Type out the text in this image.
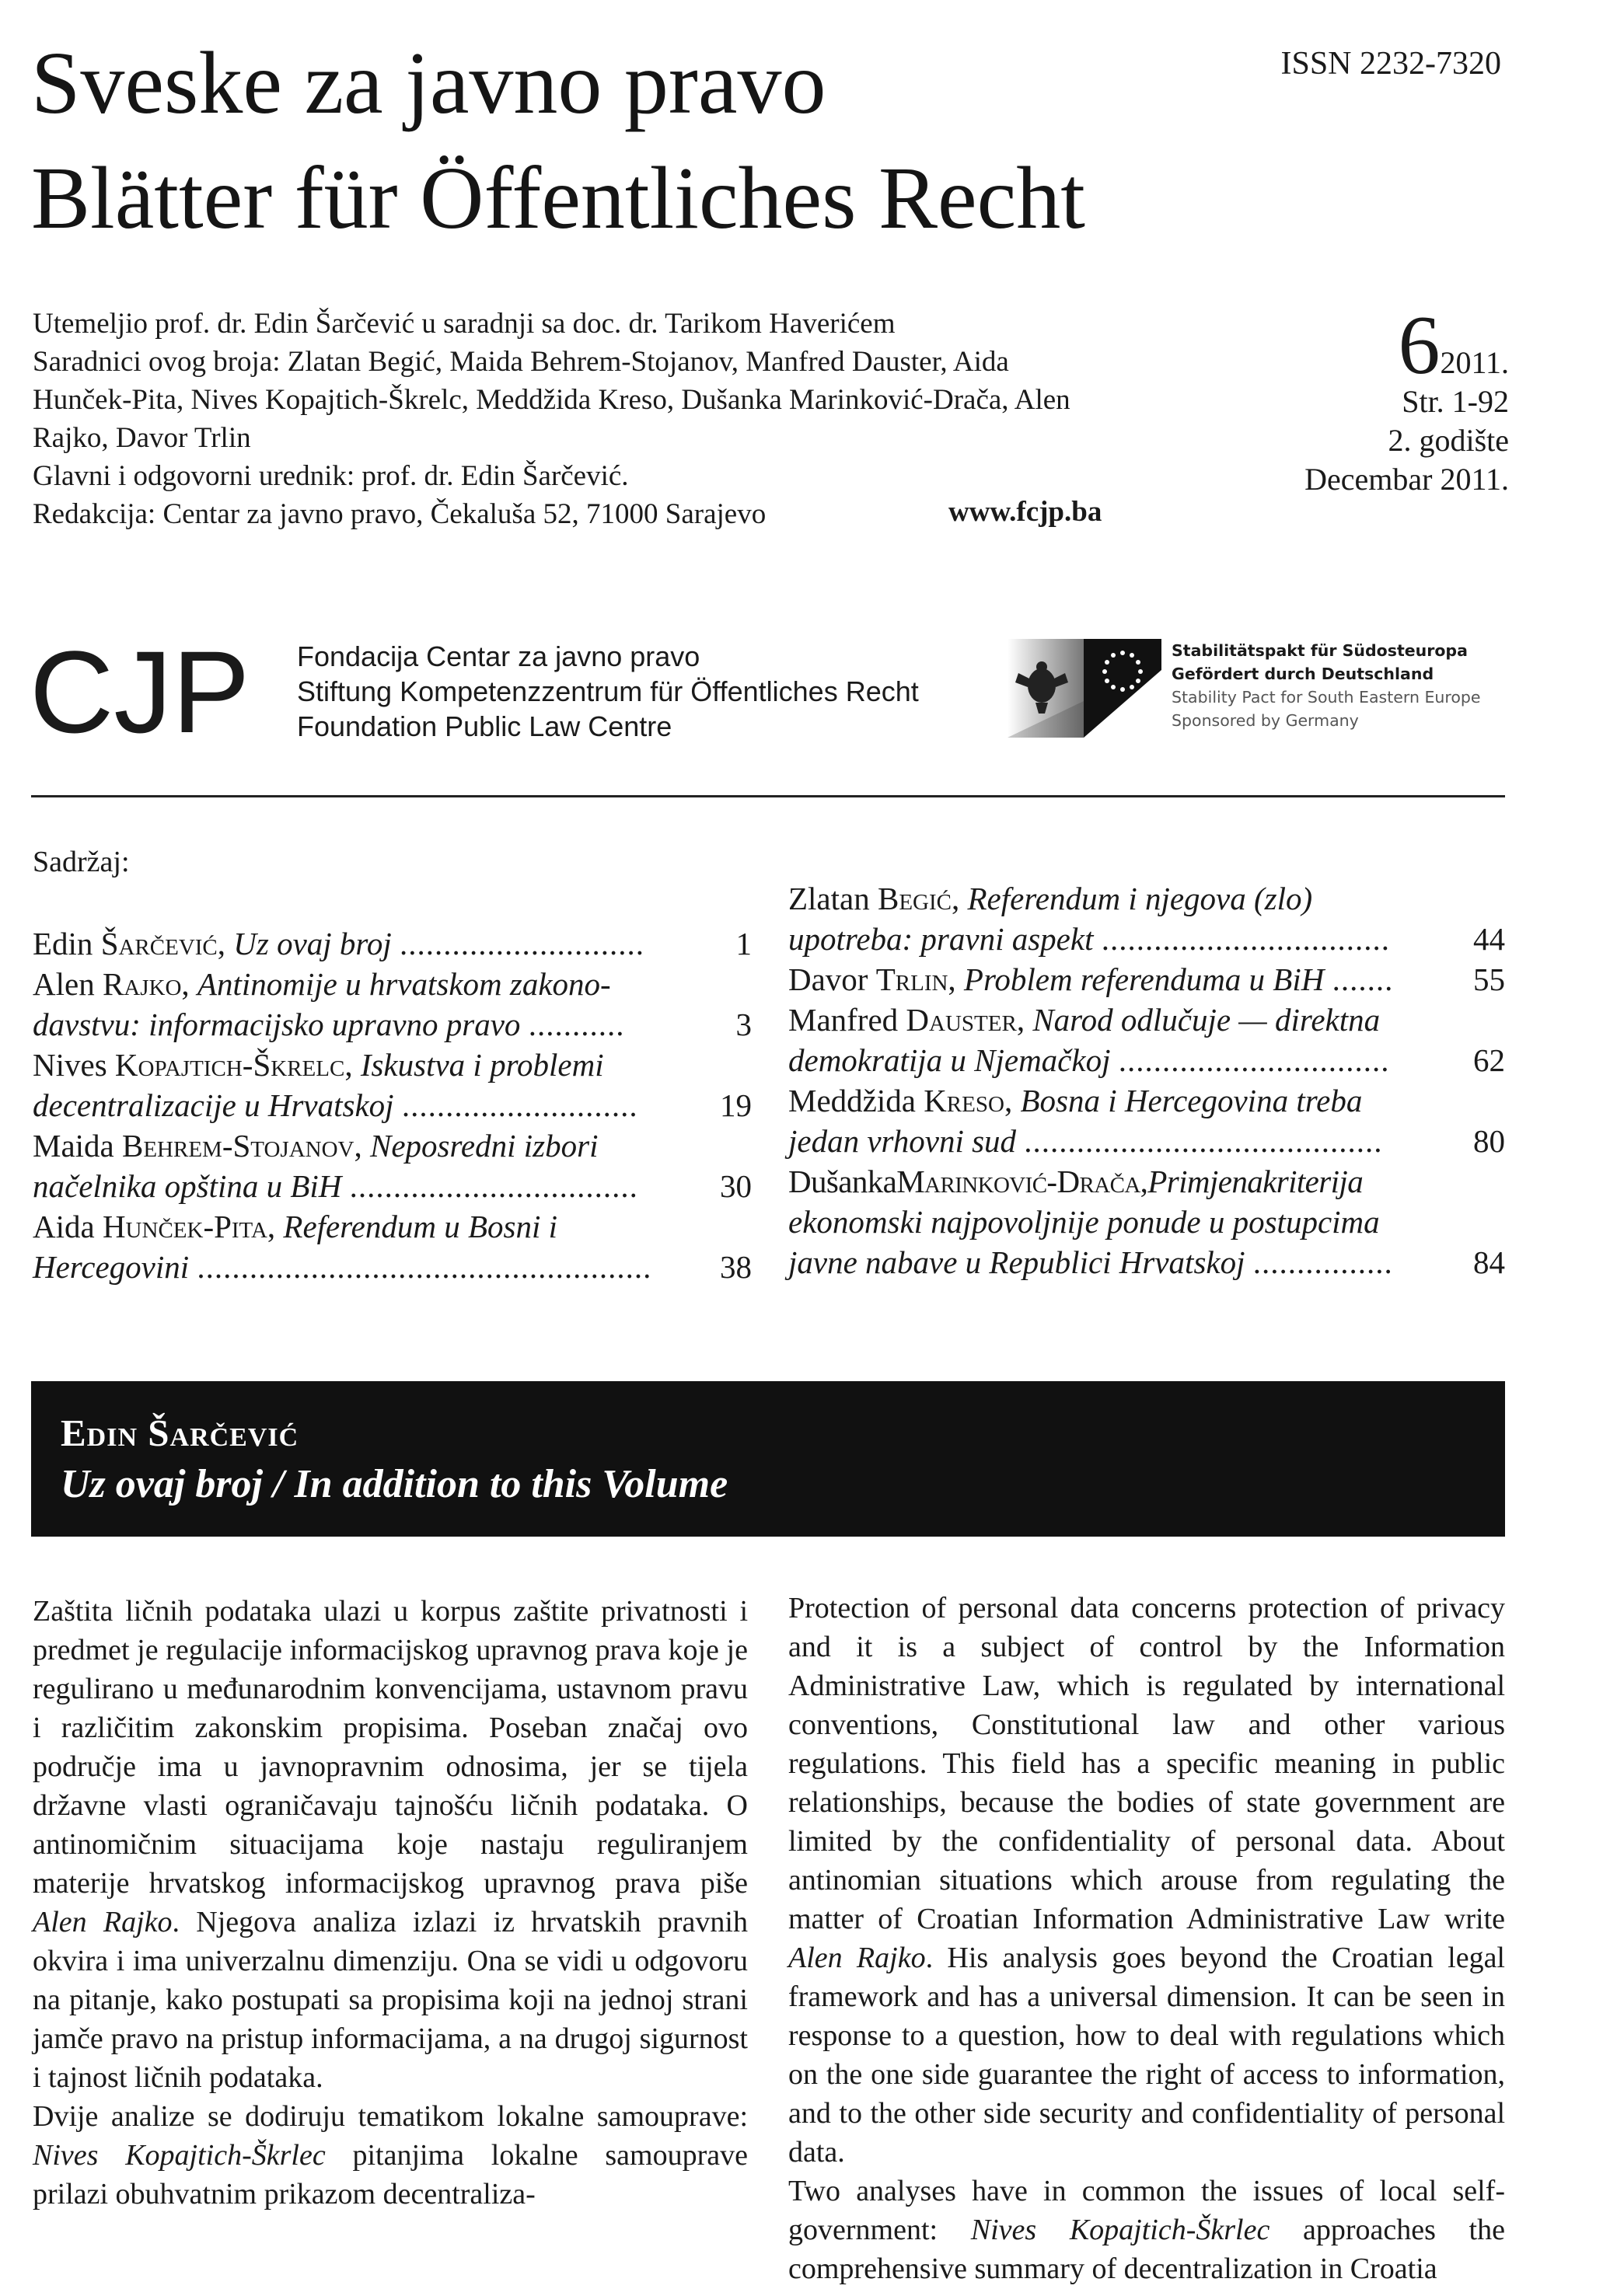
Sveske za javno pravo
Blätter für Öffentliches Recht
ISSN 2232-7320
Utemeljio prof. dr. Edin Šarčević u saradnji sa doc. dr. Tarikom Haverićem
Saradnici ovog broja: Zlatan Begić, Maida Behrem-Stojanov, Manfred Dauster, Aida
Hunček-Pita, Nives Kopajtich-Škrelc, Meddžida Kreso, Dušanka Marinković-Drača, Alen
Rajko, Davor Trlin
Glavni i odgovorni urednik: prof. dr. Edin Šarčević.
Redakcija: Centar za javno pravo, Čekaluša 52, 71000 Sarajevo	www.fcjp.ba
62011.
Str. 1-92
2. godište
Decembar 2011.
CJP Fondacija Centar za javno pravo
Stiftung Kompetenzzentrum für Öffentliches Recht
Foundation Public Law Centre
Stabilitätspakt für Südosteuropa
Gefördert durch Deutschland
Stability Pact for South Eastern Europe
Sponsored by Germany
Sadržaj:
Edin Šarčević, Uz ovaj broj ............................	1
Alen Rajko, Antinomije u hrvatskom zakono-
davstvu: informacijsko upravno pravo ...........	3
Nives Kopajtich-Škrelc, Iskustva i problemi
decentralizacije u Hrvatskoj ...........................	19
Maida Behrem-Stojanov, Neposredni izbori
načelnika opština u BiH .................................	30
Aida Hunček-Pita, Referendum u Bosni i
Hercegovini ....................................................	38
Zlatan Begić, Referendum i njegova (zlo)
upotreba: pravni aspekt .................................	44
Davor Trlin, Problem referenduma u BiH .......	55
Manfred Dauster, Narod odlučuje — direktna
demokratija u Njemačkoj ...............................	62
Meddžida Kreso, Bosna i Hercegovina treba
jedan vrhovni sud .........................................	80
DušankaMarinković-Drača,Primjenakriterija
ekonomski najpovoljnije ponude u postupcima
javne nabave u Republici Hrvatskoj ................	84
Edin Šarčević
Uz ovaj broj / In addition to this Volume

Zaštita ličnih podataka ulazi u korpus zaštite privatnosti i predmet je regulacije informacijskog upravnog prava koje je regulirano u međunarodnim konvencijama, ustavnom pravu i različitim zakonskim propisima. Poseban značaj ovo područje ima u javnopravnim odnosima, jer se tijela državne vlasti ograničavaju tajnošću ličnih podataka. O antinomičnim situacijama koje nastaju reguliranjem materije hrvatskog informacijskog upravnog prava piše Alen Rajko. Njegova analiza izlazi iz hrvatskih pravnih okvira i ima univerzalnu dimenziju. Ona se vidi u odgovoru na pitanje, kako postupati sa propisima koji na jednoj strani jamče pravo na pristup informacijama, a na drugoj sigurnost i tajnost ličnih podataka.

Dvije analize se dodiruju tematikom lokalne samouprave: Nives Kopajtich-Škrlec pitanjima lokalne samouprave prilazi obuhvatnim prikazom decentraliza-

Protection of personal data concerns protection of privacy and it is a subject of control by the Information Administrative Law, which is regulated by international conventions, Constitutional law and other various regulations. This field has a specific meaning in public relationships, because the bodies of state government are limited by the confidentiality of personal data. About antinomian situations which arouse from regulating the matter of Croatian Information Administrative Law write Alen Rajko. His analysis goes beyond the Croatian legal framework and has a universal dimension. It can be seen in response to a question, how to deal with regulations which on the one side guarantee the right of access to information, and to the other side security and confidentiality of personal data.

Two analyses have in common the issues of local self-government: Nives Kopajtich-Škrlec approaches the comprehensive summary of decentralization in Croatia
